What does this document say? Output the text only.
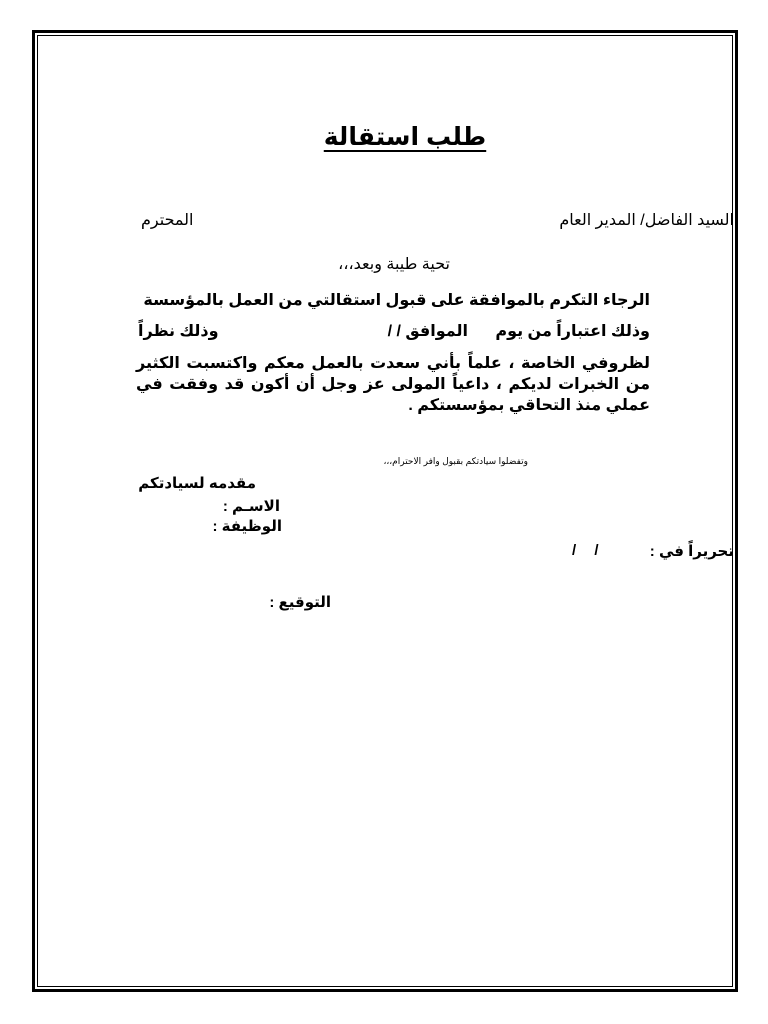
طلب استقالة

السيد الفاضل/ المدير العام

المحترم

تحية طيبة وبعد،،،

الرجاء التكرم بالموافقة على قبول استقالتي من العمل بالمؤسسة

وذلك اعتباراً من يوم

الموافق / /

وذلك نظراً

لظروفي الخاصة ، علماً بأني سعدت بالعمل معكم واكتسبت الكثير من الخبرات لديكم ، داعياً المولى عز وجل أن أكون قد وفقت في عملي منذ التحاقي بمؤسستكم .

وتفضلوا سيادتكم بقبول وافر الاحترام،،،

مقدمه لسيادتكم

الاسـم :

الوظيفة :

تحريراً في :

/ /

التوقيع :
